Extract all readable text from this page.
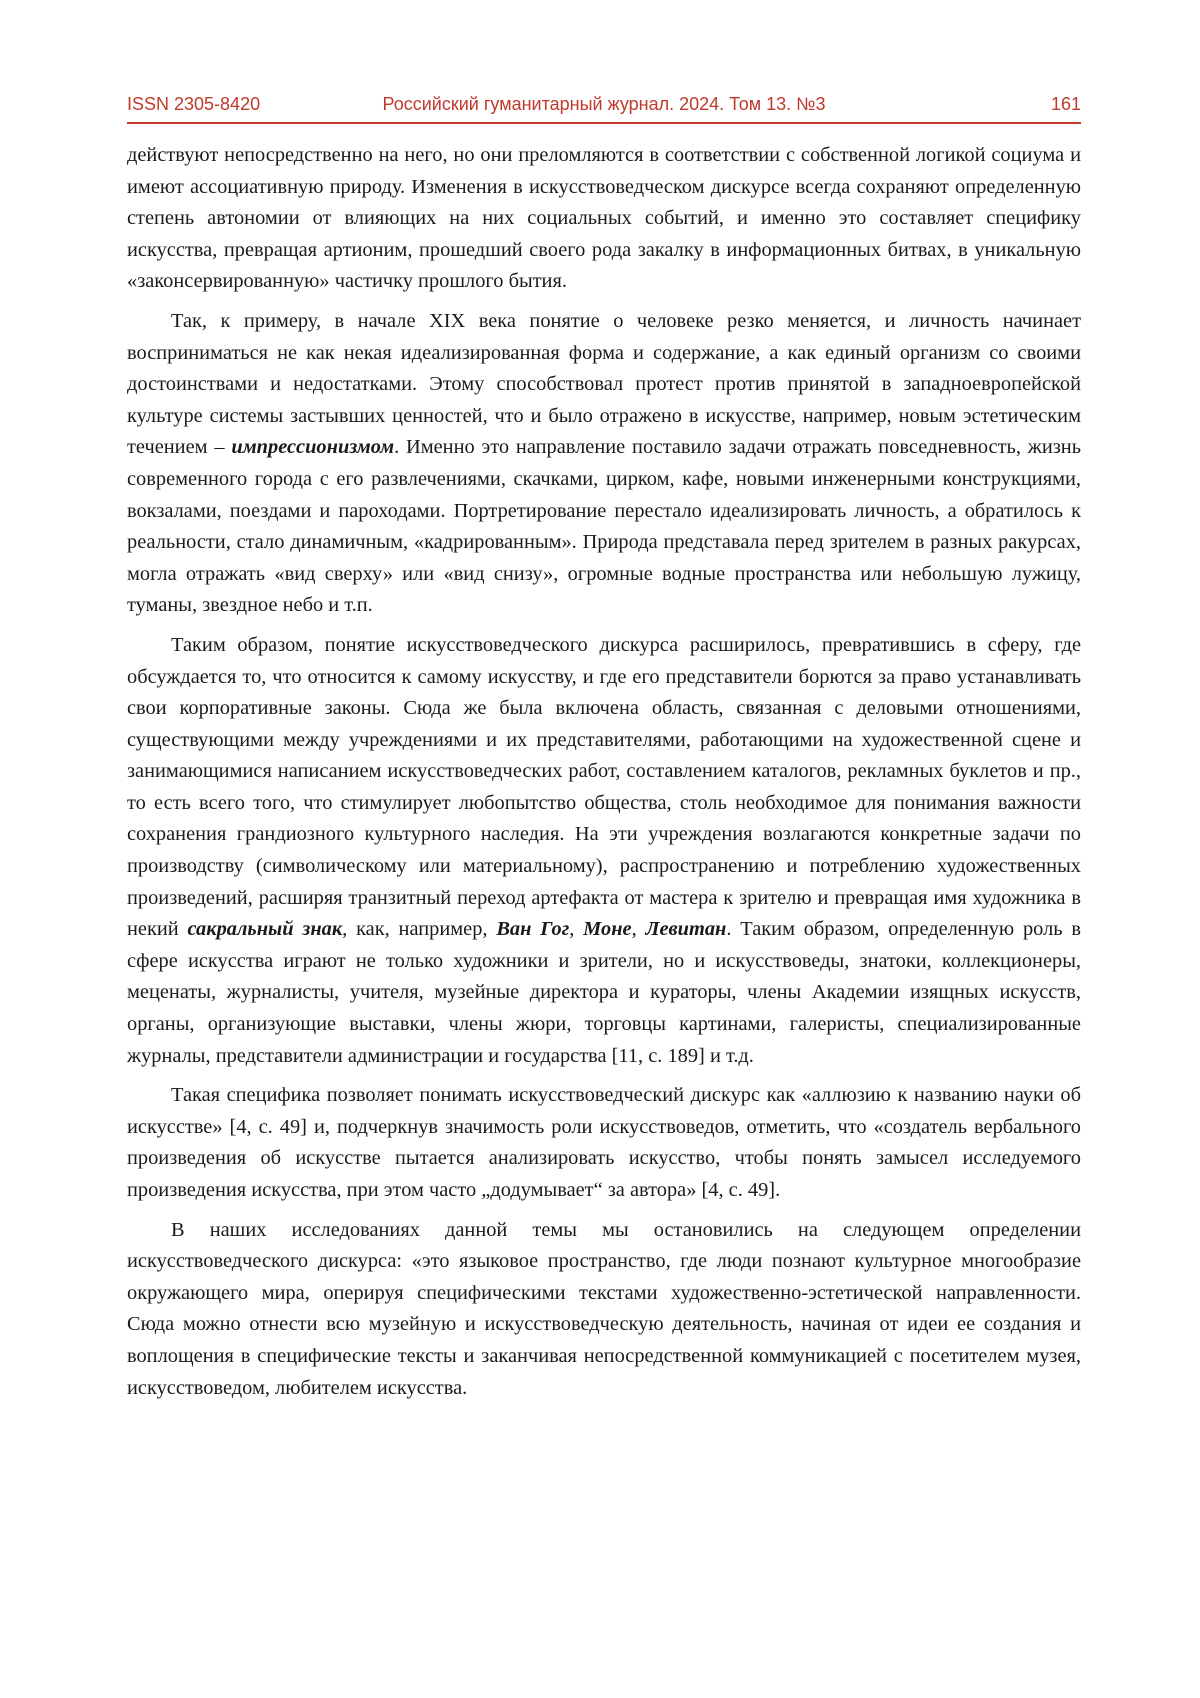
ISSN 2305-8420	Российский гуманитарный журнал. 2024. Том 13. №3	161

действуют непосредственно на него, но они преломляются в соответствии с собственной логикой социума и имеют ассоциативную природу. Изменения в искусствоведческом дискурсе всегда сохраняют определенную степень автономии от влияющих на них социальных событий, и именно это составляет специфику искусства, превращая артионим, прошедший своего рода закалку в информационных битвах, в уникальную «законсервированную» частичку прошлого бытия.

Так, к примеру, в начале XIX века понятие о человеке резко меняется, и личность начинает восприниматься не как некая идеализированная форма и содержание, а как единый организм со своими достоинствами и недостатками. Этому способствовал протест против принятой в западноевропейской культуре системы застывших ценностей, что и было отражено в искусстве, например, новым эстетическим течением – импрессионизмом. Именно это направление поставило задачи отражать повседневность, жизнь современного города с его развлечениями, скачками, цирком, кафе, новыми инженерными конструкциями, вокзалами, поездами и пароходами. Портретирование перестало идеализировать личность, а обратилось к реальности, стало динамичным, «кадрированным». Природа представала перед зрителем в разных ракурсах, могла отражать «вид сверху» или «вид снизу», огромные водные пространства или небольшую лужицу, туманы, звездное небо и т.п.

Таким образом, понятие искусствоведческого дискурса расширилось, превратившись в сферу, где обсуждается то, что относится к самому искусству, и где его представители борются за право устанавливать свои корпоративные законы. Сюда же была включена область, связанная с деловыми отношениями, существующими между учреждениями и их представителями, работающими на художественной сцене и занимающимися написанием искусствоведческих работ, составлением каталогов, рекламных буклетов и пр., то есть всего того, что стимулирует любопытство общества, столь необходимое для понимания важности сохранения грандиозного культурного наследия. На эти учреждения возлагаются конкретные задачи по производству (символическому или материальному), распространению и потреблению художественных произведений, расширяя транзитный переход артефакта от мастера к зрителю и превращая имя художника в некий сакральный знак, как, например, Ван Гог, Моне, Левитан. Таким образом, определенную роль в сфере искусства играют не только художники и зрители, но и искусствоведы, знатоки, коллекционеры, меценаты, журналисты, учителя, музейные директора и кураторы, члены Академии изящных искусств, органы, организующие выставки, члены жюри, торговцы картинами, галеристы, специализированные журналы, представители администрации и государства [11, с. 189] и т.д.

Такая специфика позволяет понимать искусствоведческий дискурс как «аллюзию к названию науки об искусстве» [4, с. 49] и, подчеркнув значимость роли искусствоведов, отметить, что «создатель вербального произведения об искусстве пытается анализировать искусство, чтобы понять замысел исследуемого произведения искусства, при этом часто „додумывает“ за автора» [4, с. 49].

В наших исследованиях данной темы мы остановились на следующем определении искусствоведческого дискурса: «это языковое пространство, где люди познают культурное многообразие окружающего мира, оперируя специфическими текстами художественно-эстетической направленности. Сюда можно отнести всю музейную и искусствоведческую деятельность, начиная от идеи ее создания и воплощения в специфические тексты и заканчивая непосредственной коммуникацией с посетителем музея, искусствоведом, любителем искусства.
